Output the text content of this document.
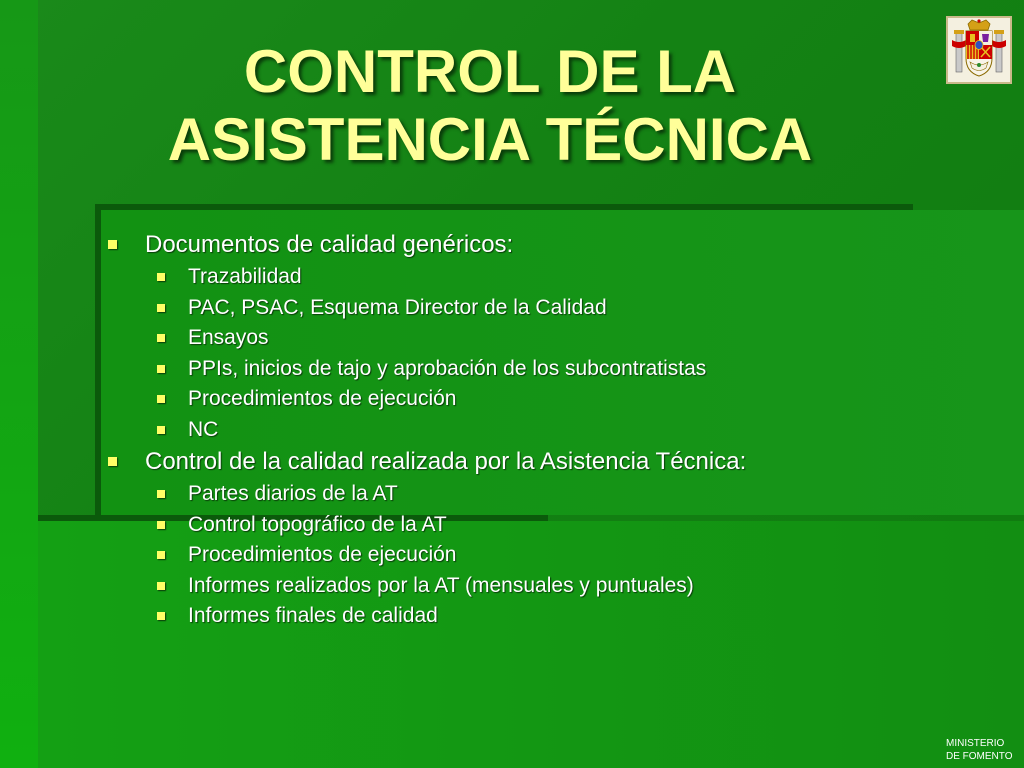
CONTROL DE LA
ASISTENCIA TÉCNICA
Documentos de calidad genéricos:
Trazabilidad
PAC, PSAC, Esquema Director de la Calidad
Ensayos
PPIs, inicios de tajo y aprobación de los subcontratistas
Procedimientos de ejecución
NC
Control de la calidad realizada por la Asistencia Técnica:
Partes diarios de la AT
Control topográfico de la AT
Procedimientos de ejecución
Informes realizados por la AT (mensuales y puntuales)
Informes finales de calidad
MINISTERIO
DE FOMENTO
